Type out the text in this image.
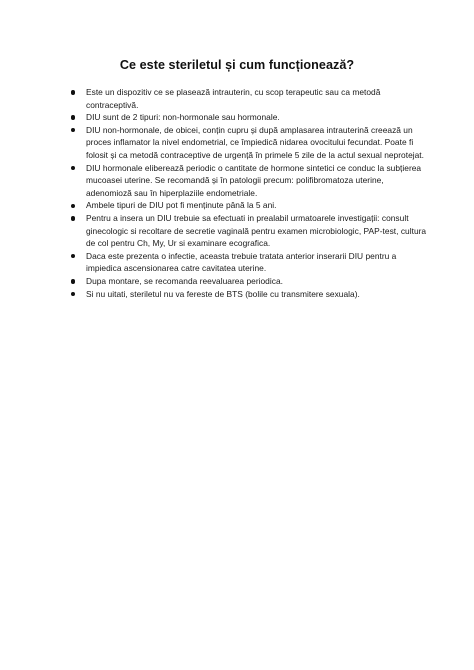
Ce este steriletul și cum funcționează?
Este un dispozitiv ce se plasează intrauterin, cu scop terapeutic sau ca metodă contraceptivă.
DIU sunt de 2 tipuri: non-hormonale sau hormonale.
DIU non-hormonale, de obicei, conțin cupru și după amplasarea intrauterină creează un proces inflamator la nivel endometrial, ce împiedică nidarea ovocitului fecundat. Poate fi folosit și ca metodă contraceptive de urgență în primele 5 zile de la actul sexual neprotejat.
DIU hormonale eliberează periodic o cantitate de hormone sintetici ce conduc la subțierea mucoasei uterine. Se recomandă și în patologii precum: polifibromatoza uterine, adenomioză sau în hiperplaziile endometriale.
Ambele tipuri de DIU pot fi menținute până la 5 ani.
Pentru a insera un DIU trebuie sa efectuati in prealabil urmatoarele investigații: consult ginecologic si recoltare de secretie vaginală pentru examen microbiologic, PAP-test, cultura de col pentru Ch, My, Ur si examinare ecografica.
Daca este prezenta o infectie, aceasta trebuie tratata anterior inserarii DIU pentru a impiedica ascensionarea catre cavitatea uterine.
Dupa montare, se recomanda reevaluarea periodica.
Si nu uitati, steriletul nu va fereste de BTS (bolile cu transmitere sexuala).
